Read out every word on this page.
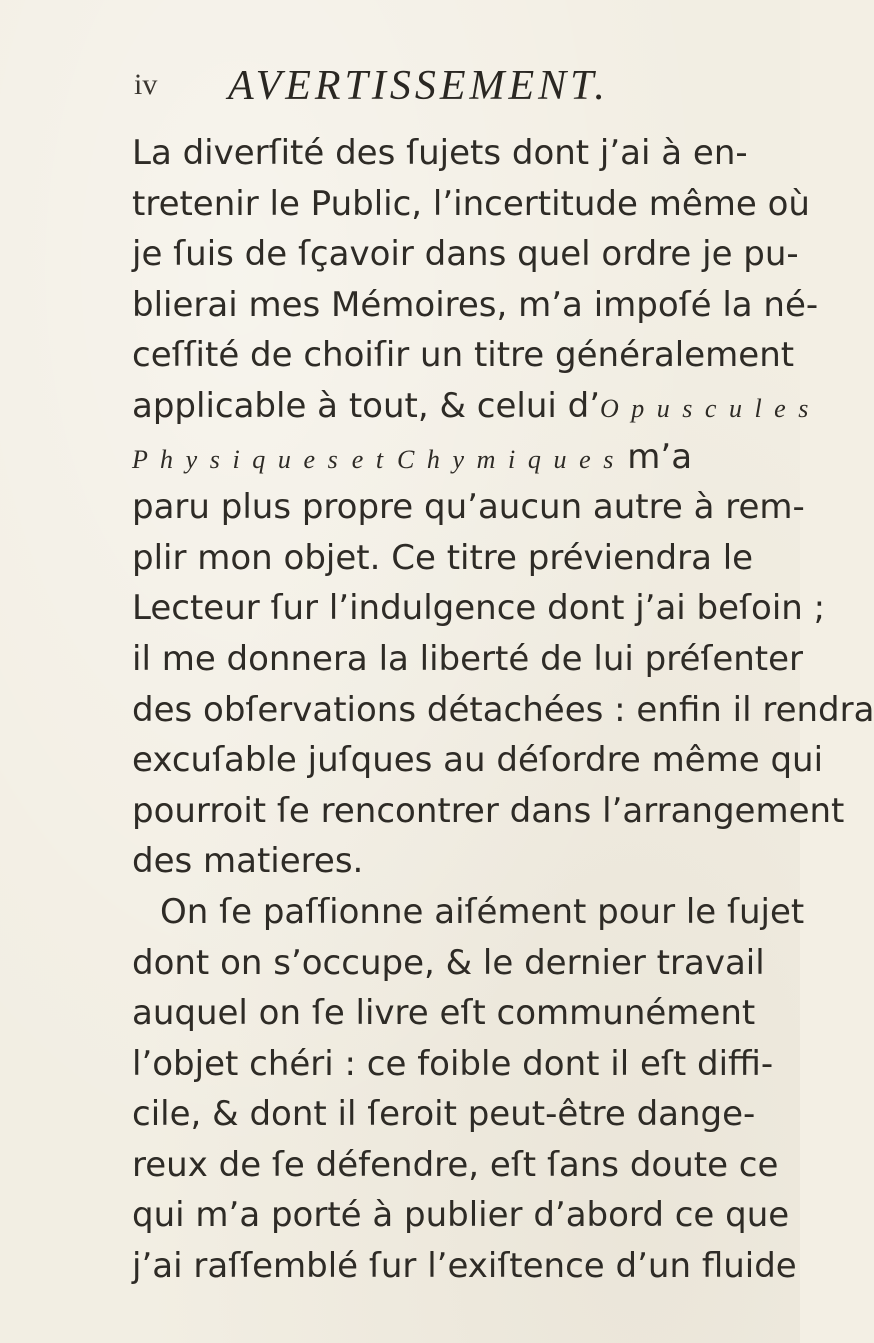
iv AVERTISSEMENT.
La diverſité des ſujets dont j’ai à en-
tretenir le Public, l’incertitude même où
je ſuis de ſçavoir dans quel ordre je pu-
blierai mes Mémoires, m’a impoſé la né-
ceſſité de choiſir un titre généralement
applicable à tout, & celui d’O p u s c u l e s
P h y s i q u e s e t C h y m i q u e s m’a
paru plus propre qu’aucun autre à rem-
plir mon objet. Ce titre préviendra le
Lecteur ſur l’indulgence dont j’ai beſoin ;
il me donnera la liberté de lui préſenter
des obſervations détachées : enfin il rendra
excuſable juſques au déſordre même qui
pourroit ſe rencontrer dans l’arrangement
des matieres.
On ſe paſſionne aiſément pour le ſujet
dont on s’occupe, & le dernier travail
auquel on ſe livre eſt communément
l’objet chéri : ce foible dont il eſt diffi-
cile, & dont il ſeroit peut-être dange-
reux de ſe défendre, eſt ſans doute ce
qui m’a porté à publier d’abord ce que
j’ai raſſemblé ſur l’exiſtence d’un fluide
